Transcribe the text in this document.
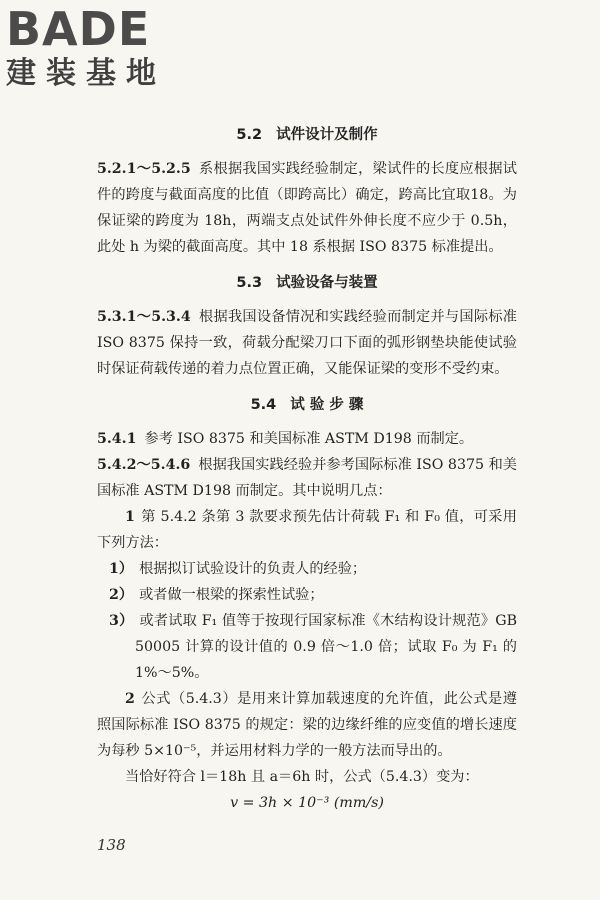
BADE
建装基地
5.2 试件设计及制作

5.2.1～5.2.5 系根据我国实践经验制定，梁试件的长度应根据试件的跨度与截面高度的比值（即跨高比）确定，跨高比宜取18。为保证梁的跨度为 18h，两端支点处试件外伸长度不应少于 0.5h，此处 h 为梁的截面高度。其中 18 系根据 ISO 8375 标准提出。

5.3 试验设备与装置

5.3.1～5.3.4 根据我国设备情况和实践经验而制定并与国际标准 ISO 8375 保持一致，荷载分配梁刀口下面的弧形钢垫块能使试验时保证荷载传递的着力点位置正确，又能保证梁的变形不受约束。

5.4 试 验 步 骤

5.4.1 参考 ISO 8375 和美国标准 ASTM D198 而制定。

5.4.2～5.4.6 根据我国实践经验并参考国际标准 ISO 8375 和美国标准 ASTM D198 而制定。其中说明几点：

1 第 5.4.2 条第 3 款要求预先估计荷载 F₁ 和 F₀ 值，可采用下列方法：

1） 根据拟订试验设计的负责人的经验；

2） 或者做一根梁的探索性试验；

3） 或者试取 F₁ 值等于按现行国家标准《木结构设计规范》GB 50005 计算的设计值的 0.9 倍～1.0 倍；试取 F₀ 为 F₁ 的 1%～5%。

2 公式（5.4.3）是用来计算加载速度的允许值，此公式是遵照国际标准 ISO 8375 的规定：梁的边缘纤维的应变值的增长速度为每秒 5×10⁻⁵，并运用材料力学的一般方法而导出的。

当恰好符合 l＝18h 且 a＝6h 时，公式（5.4.3）变为：

v = 3h × 10⁻³ (mm/s)

138
